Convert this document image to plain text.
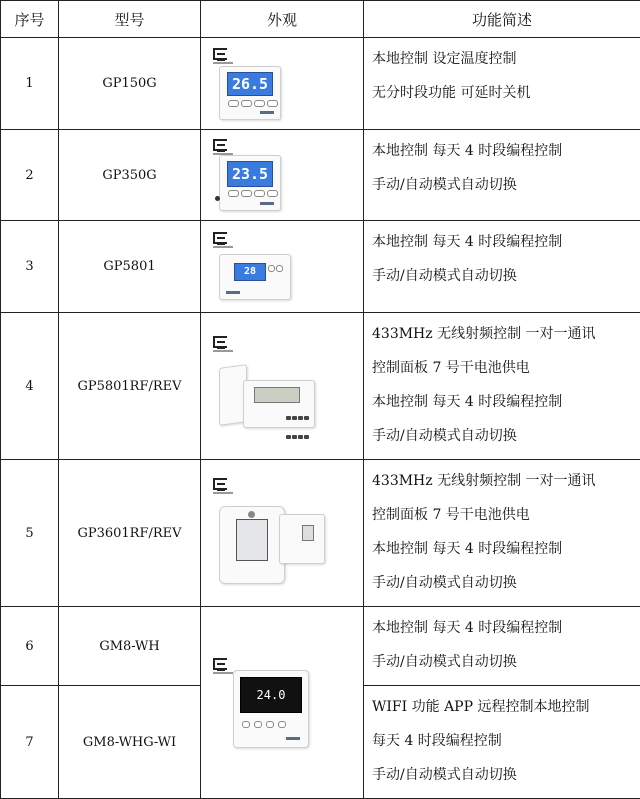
序号	型号	外观	功能简述
1	GP150G	26.5	本地控制 设定温度控制
无分时段功能 可延时关机

2	GP350G	23.5	本地控制 每天 4 时段编程控制
手动/自动模式自动切换

3	GP5801	28	本地控制 每天 4 时段编程控制
手动/自动模式自动切换

4	GP5801RF/REV		433MHz 无线射频控制 一对一通讯
控制面板 7 号干电池供电
本地控制 每天 4 时段编程控制
手动/自动模式自动切换

5	GP3601RF/REV		433MHz 无线射频控制 一对一通讯
控制面板 7 号干电池供电
本地控制 每天 4 时段编程控制
手动/自动模式自动切换

6	GM8-WH	24.0	本地控制 每天 4 时段编程控制
手动/自动模式自动切换

7	GM8-WHG-WI		WIFI 功能 APP 远程控制本地控制
每天 4 时段编程控制
手动/自动模式自动切换
